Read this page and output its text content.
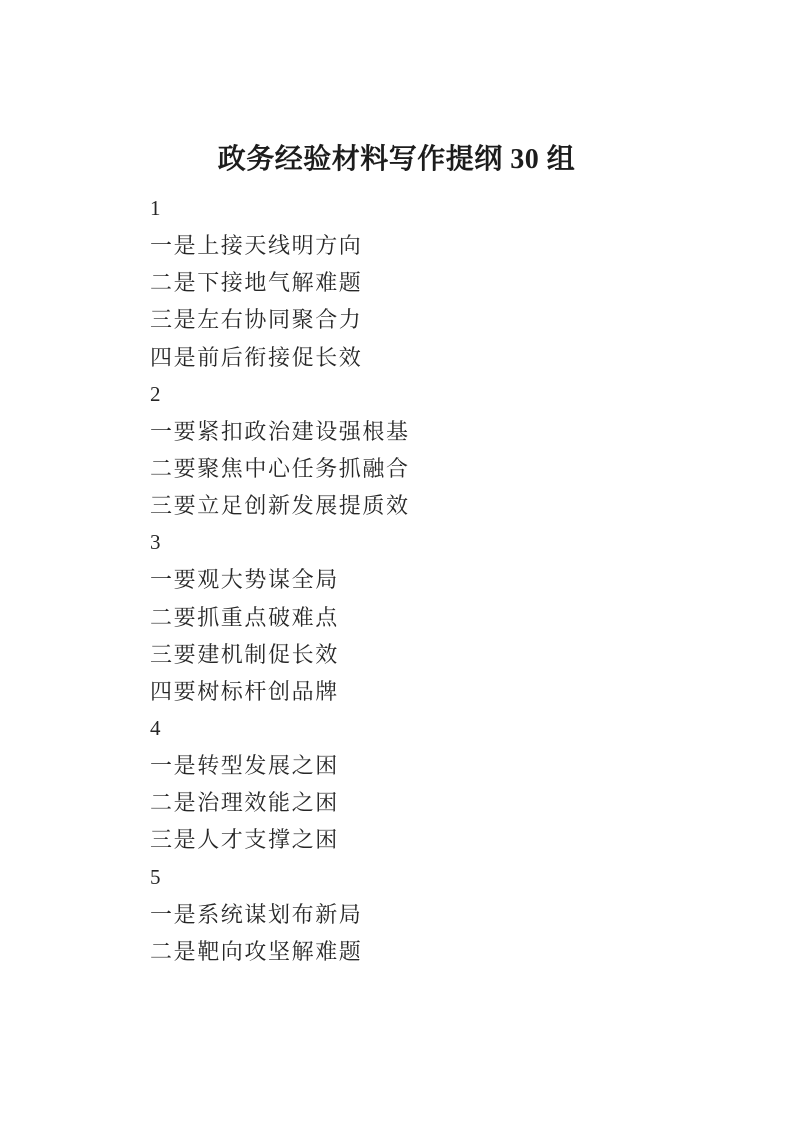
政务经验材料写作提纲 30 组
1
一是上接天线明方向
二是下接地气解难题
三是左右协同聚合力
四是前后衔接促长效
2
一要紧扣政治建设强根基
二要聚焦中心任务抓融合
三要立足创新发展提质效
3
一要观大势谋全局
二要抓重点破难点
三要建机制促长效
四要树标杆创品牌
4
一是转型发展之困
二是治理效能之困
三是人才支撑之困
5
一是系统谋划布新局
二是靶向攻坚解难题
